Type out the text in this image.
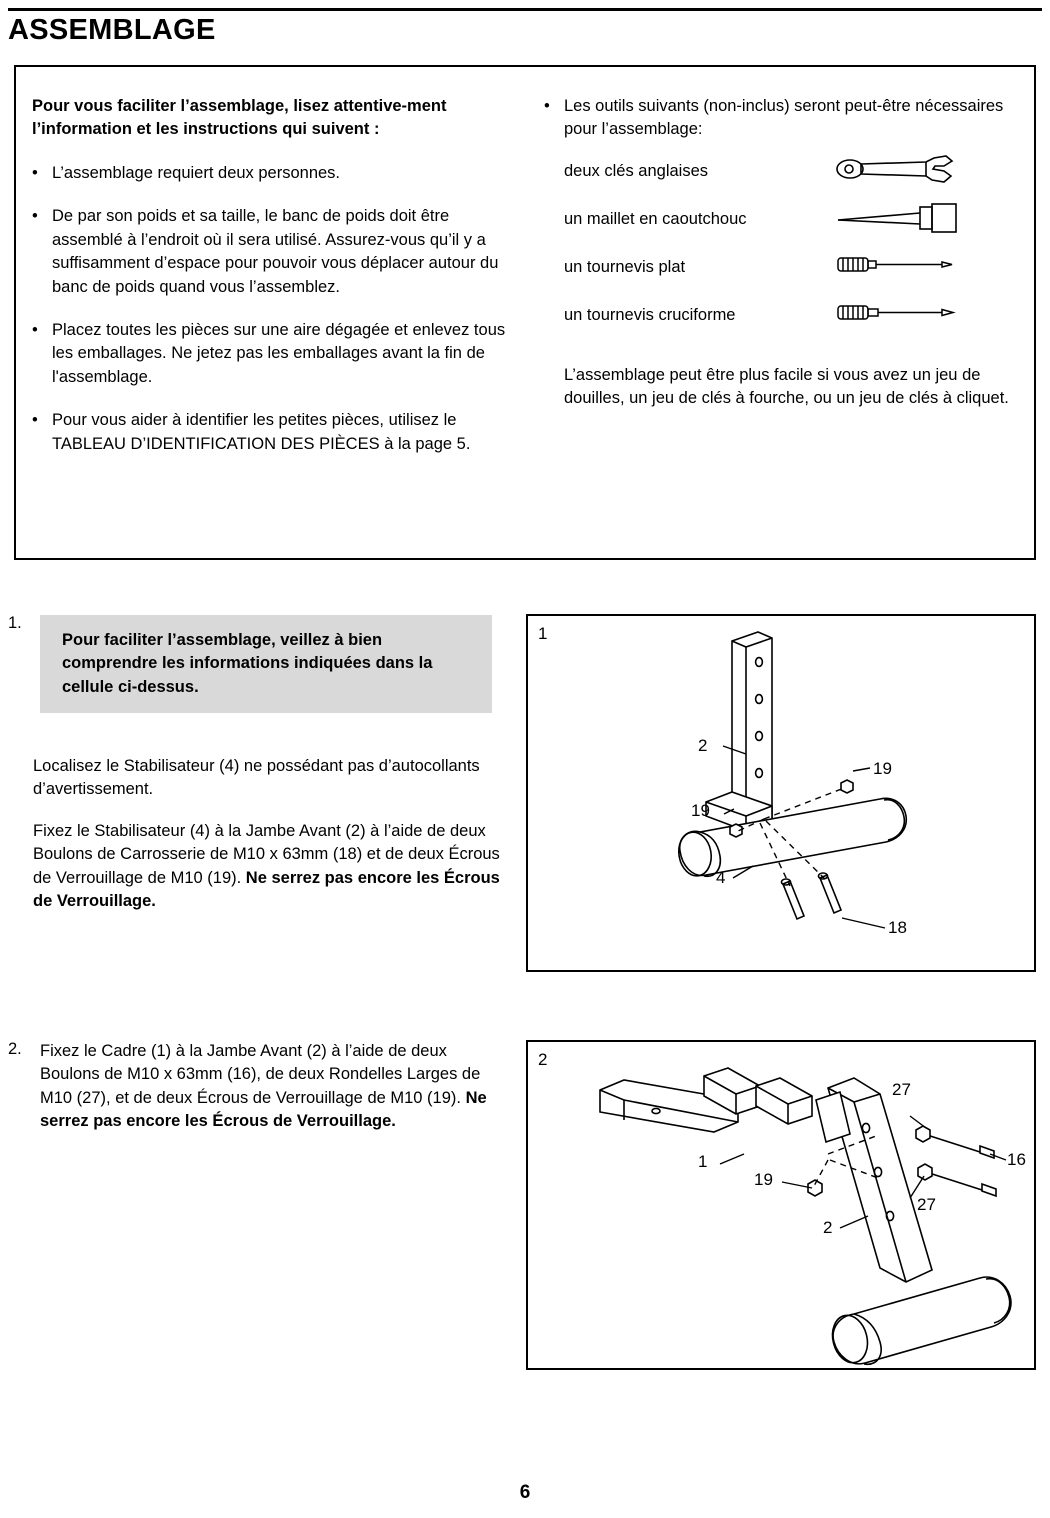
ASSEMBLAGE
Pour vous faciliter l’assemblage, lisez attentive-ment l’information et les instructions qui suivent :
• L’assemblage requiert deux personnes.
• De par son poids et sa taille, le banc de poids doit être assemblé à l’endroit où il sera utilisé. Assurez-vous qu’il y a suffisamment d’espace pour pouvoir vous déplacer autour du banc de poids quand vous l’assemblez.
• Placez toutes les pièces sur une aire dégagée et enlevez tous les emballages. Ne jetez pas les emballages avant la fin de l'assemblage.
• Pour vous aider à identifier les petites pièces, utilisez le TABLEAU D’IDENTIFICATION DES PIÈCES à la page 5.
• Les outils suivants (non-inclus) seront peut-être nécessaires pour l’assemblage:
deux clés anglaises
un maillet en caoutchouc
un tournevis plat
un tournevis cruciforme
L’assemblage peut être plus facile si vous avez un jeu de douilles, un jeu de clés à fourche, ou un jeu de clés à cliquet.
1.
Pour faciliter l’assemblage, veillez à bien comprendre les informations indiquées dans la cellule ci-dessus.

Localisez le Stabilisateur (4) ne possédant pas d’autocollants d’avertissement.

Fixez le Stabilisateur (4) à la Jambe Avant (2) à l’aide de deux Boulons de Carrosserie de M10 x 63mm (18) et de deux Écrous de Verrouillage de M10 (19). Ne serrez pas encore les Écrous de Verrouillage.

1
2
19
19
4
18
2. Fixez le Cadre (1) à la Jambe Avant (2) à l’aide de deux Boulons de M10 x 63mm (16), de deux Rondelles Larges de M10 (27), et de deux Écrous de Verrouillage de M10 (19). Ne serrez pas encore les Écrous de Verrouillage.

2
27
16
27
1
19
2
6
